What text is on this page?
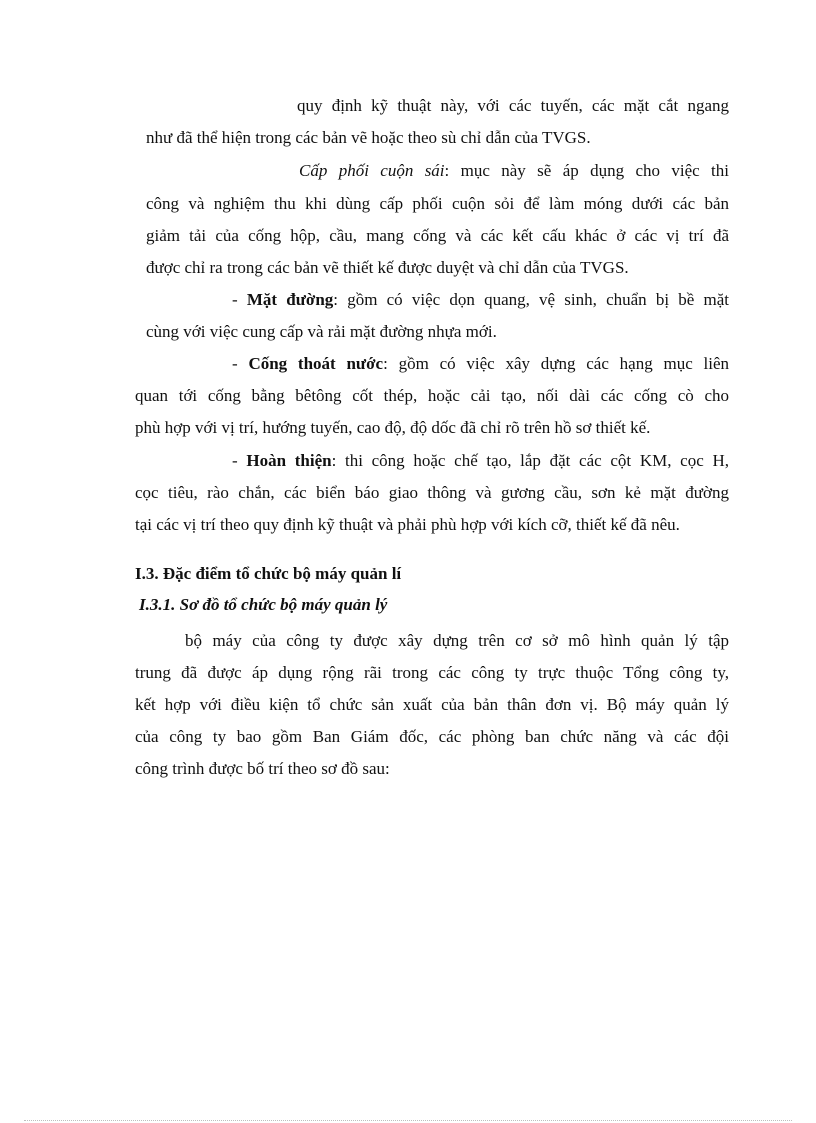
quy định kỹ thuật này, với các tuyến, các mặt cắt ngang
như đã thể hiện trong các bản vẽ hoặc theo sù chỉ dẫn của TVGS.
Cấp phối cuộn sái: mục này sẽ áp dụng cho việc thi
công và nghiệm thu khi dùng cấp phối cuộn sỏi để làm móng dưới các bản
giảm tải của cống hộp, cầu, mang cống và các kết cấu khác ở các vị trí đã
được chỉ ra trong các bản vẽ thiết kế được duyệt và chỉ dẫn của TVGS.
- Mặt đường: gồm có việc dọn quang, vệ sinh, chuẩn bị bề mặt
cùng với việc cung cấp và rải mặt đường nhựa mới.
- Cống thoát nước: gồm có việc xây dựng các hạng mục liên
quan tới cống bằng bêtông cốt thép, hoặc cải tạo, nối dài các cống cò cho
phù hợp với vị trí, hướng tuyến, cao độ, độ dốc đã chỉ rõ trên hồ sơ thiết kế.
- Hoàn thiện: thi công hoặc chế tạo, lắp đặt các cột KM, cọc H,
cọc tiêu, rào chắn, các biển báo giao thông và gương cầu, sơn kẻ mặt đường
tại các vị trí theo quy định kỹ thuật và phải phù hợp với kích cỡ, thiết kế đã nêu.
I.3. Đặc điểm tổ chức bộ máy quản lí
I.3.1. Sơ đồ tổ chức bộ máy quản lý
bộ máy của công ty được xây dựng trên cơ sở mô hình quản lý tập
trung đã được áp dụng rộng rãi trong các công ty trực thuộc Tổng công ty,
kết hợp với điều kiện tổ chức sản xuất của bản thân đơn vị. Bộ máy quản lý
của công ty bao gồm Ban Giám đốc, các phòng ban chức năng và các đội
công trình được bố trí theo sơ đồ sau:
